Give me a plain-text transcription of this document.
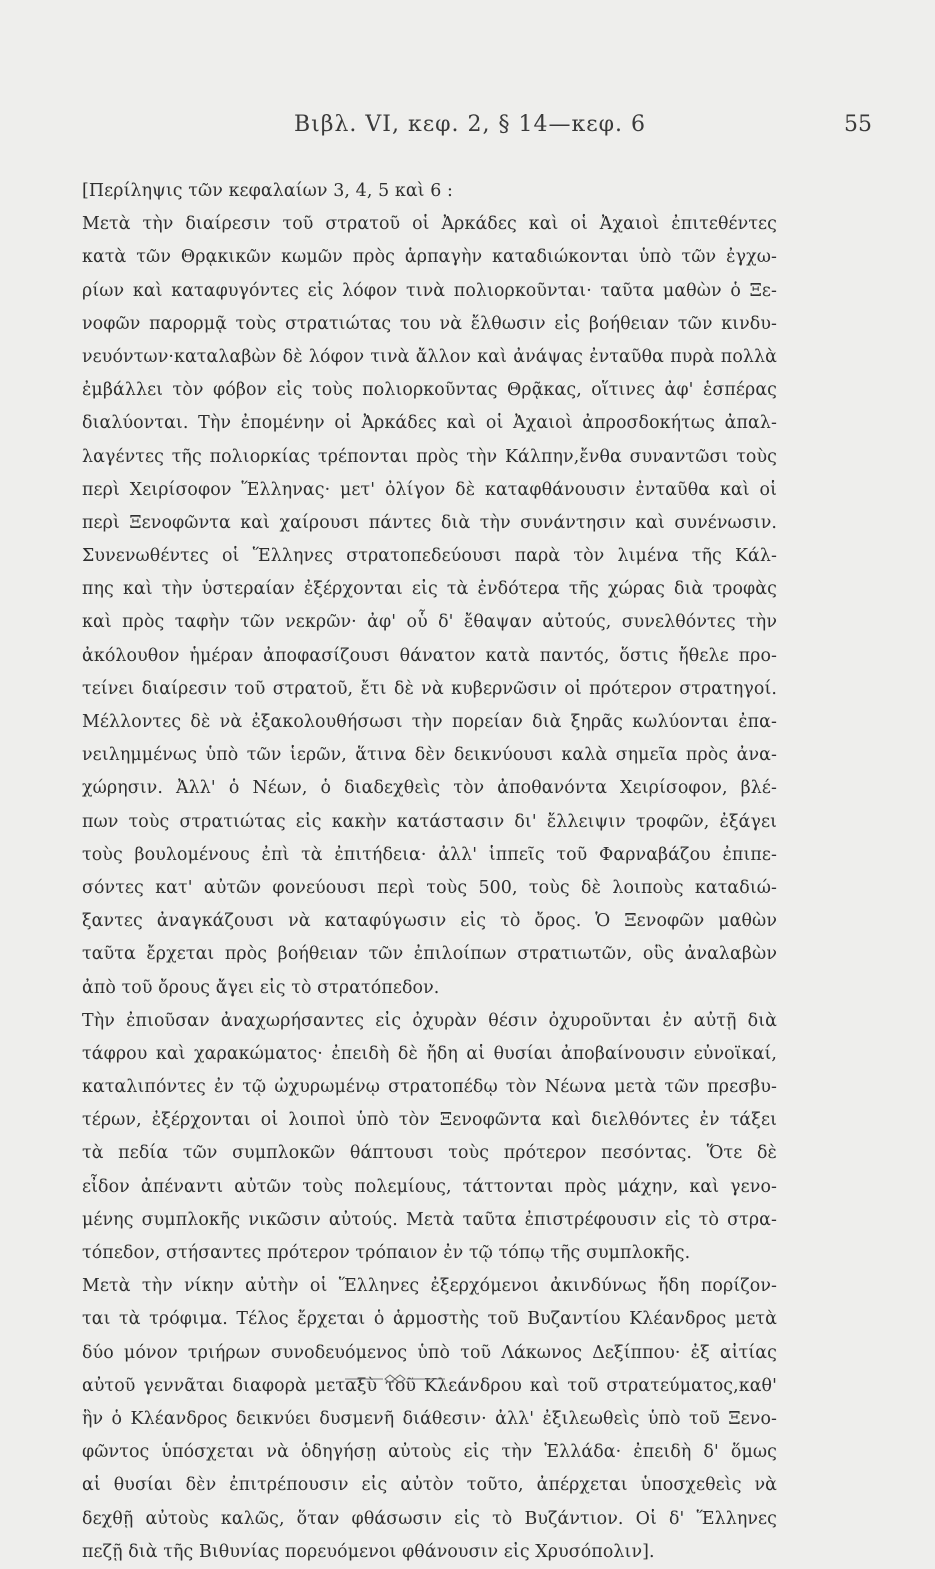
Βιβλ. VI, κεφ. 2, § 14—κεφ. 6	55
[Περίληψις τῶν κεφαλαίων 3, 4, 5 καὶ 6 :
Μετὰ τὴν διαίρεσιν τοῦ στρατοῦ οἱ Ἀρκάδες καὶ οἱ Ἀχαιοὶ ἐπιτεθέντες
κατὰ τῶν Θρᾳκικῶν κωμῶν πρὸς ἁρπαγὴν καταδιώκονται ὑπὸ τῶν ἐγχω-
ρίων καὶ καταφυγόντες εἰς λόφον τινὰ πολιορκοῦνται· ταῦτα μαθὼν ὁ Ξε-
νοφῶν παρορμᾷ τοὺς στρατιώτας του νὰ ἔλθωσιν εἰς βοήθειαν τῶν κινδυ-
νευόντων·καταλαβὼν δὲ λόφον τινὰ ἄλλον καὶ ἀνάψας ἐνταῦθα πυρὰ πολλὰ
ἐμβάλλει τὸν φόβον εἰς τοὺς πολιορκοῦντας Θρᾷκας, οἵτινες ἀφ' ἑσπέρας
διαλύονται. Τὴν ἐπομένην οἱ Ἀρκάδες καὶ οἱ Ἀχαιοὶ ἀπροσδοκήτως ἀπαλ-
λαγέντες τῆς πολιορκίας τρέπονται πρὸς τὴν Κάλπην,ἔνθα συναντῶσι τοὺς
περὶ Χειρίσοφον Ἕλληνας· μετ' ὀλίγον δὲ καταφθάνουσιν ἐνταῦθα καὶ οἱ
περὶ Ξενοφῶντα καὶ χαίρουσι πάντες διὰ τὴν συνάντησιν καὶ συνένωσιν.
Συνενωθέντες οἱ Ἕλληνες στρατοπεδεύουσι παρὰ τὸν λιμένα τῆς Κάλ-
πης καὶ τὴν ὑστεραίαν ἐξέρχονται εἰς τὰ ἐνδότερα τῆς χώρας διὰ τροφὰς
καὶ πρὸς ταφὴν τῶν νεκρῶν· ἀφ' οὗ δ' ἔθαψαν αὐτούς, συνελθόντες τὴν
ἀκόλουθον ἡμέραν ἀποφασίζουσι θάνατον κατὰ παντός, ὅστις ἤθελε προ-
τείνει διαίρεσιν τοῦ στρατοῦ, ἔτι δὲ νὰ κυβερνῶσιν οἱ πρότερον στρατηγοί.
Μέλλοντες δὲ νὰ ἐξακολουθήσωσι τὴν πορείαν διὰ ξηρᾶς κωλύονται ἐπα-
νειλημμένως ὑπὸ τῶν ἱερῶν, ἅτινα δὲν δεικνύουσι καλὰ σημεῖα πρὸς ἀνα-
χώρησιν. Ἀλλ' ὁ Νέων, ὁ διαδεχθεὶς τὸν ἀποθανόντα Χειρίσοφον, βλέ-
πων τοὺς στρατιώτας εἰς κακὴν κατάστασιν δι' ἔλλειψιν τροφῶν, ἐξάγει
τοὺς βουλομένους ἐπὶ τὰ ἐπιτήδεια· ἀλλ' ἱππεῖς τοῦ Φαρναβάζου ἐπιπε-
σόντες κατ' αὐτῶν φονεύουσι περὶ τοὺς 500, τοὺς δὲ λοιποὺς καταδιώ-
ξαντες ἀναγκάζουσι νὰ καταφύγωσιν εἰς τὸ ὄρος. Ὁ Ξενοφῶν μαθὼν
ταῦτα ἔρχεται πρὸς βοήθειαν τῶν ἐπιλοίπων στρατιωτῶν, οὓς ἀναλαβὼν
ἀπὸ τοῦ ὄρους ἄγει εἰς τὸ στρατόπεδον.
Τὴν ἐπιοῦσαν ἀναχωρήσαντες εἰς ὀχυρὰν θέσιν ὀχυροῦνται ἐν αὐτῇ διὰ
τάφρου καὶ χαρακώματος· ἐπειδὴ δὲ ἤδη αἱ θυσίαι ἀποβαίνουσιν εὐνοϊκαί,
καταλιπόντες ἐν τῷ ὠχυρωμένῳ στρατοπέδῳ τὸν Νέωνα μετὰ τῶν πρεσβυ-
τέρων, ἐξέρχονται οἱ λοιποὶ ὑπὸ τὸν Ξενοφῶντα καὶ διελθόντες ἐν τάξει
τὰ πεδία τῶν συμπλοκῶν θάπτουσι τοὺς πρότερον πεσόντας. Ὅτε δὲ
εἶδον ἀπέναντι αὐτῶν τοὺς πολεμίους, τάττονται πρὸς μάχην, καὶ γενο-
μένης συμπλοκῆς νικῶσιν αὐτούς. Μετὰ ταῦτα ἐπιστρέφουσιν εἰς τὸ στρα-
τόπεδον, στήσαντες πρότερον τρόπαιον ἐν τῷ τόπῳ τῆς συμπλοκῆς.
Μετὰ τὴν νίκην αὐτὴν οἱ Ἕλληνες ἐξερχόμενοι ἀκινδύνως ἤδη πορίζον-
ται τὰ τρόφιμα. Τέλος ἔρχεται ὁ ἁρμοστὴς τοῦ Βυζαντίου Κλέανδρος μετὰ
δύο μόνον τριήρων συνοδευόμενος ὑπὸ τοῦ Λάκωνος Δεξίππου· ἐξ αἰτίας
αὐτοῦ γεννᾶται διαφορὰ μεταξὺ τοῦ Κλεάνδρου καὶ τοῦ στρατεύματος,καθ'
ἣν ὁ Κλέανδρος δεικνύει δυσμενῆ διάθεσιν· ἀλλ' ἐξιλεωθεὶς ὑπὸ τοῦ Ξενο-
φῶντος ὑπόσχεται νὰ ὁδηγήσῃ αὐτοὺς εἰς τὴν Ἑλλάδα· ἐπειδὴ δ' ὅμως
αἱ θυσίαι δὲν ἐπιτρέπουσιν εἰς αὐτὸν τοῦτο, ἀπέρχεται ὑποσχεθεὶς νὰ
δεχθῇ αὐτοὺς καλῶς, ὅταν φθάσωσιν εἰς τὸ Βυζάντιον. Οἱ δ' Ἕλληνες
πεζῇ διὰ τῆς Βιθυνίας πορευόμενοι φθάνουσιν εἰς Χρυσόπολιν].
